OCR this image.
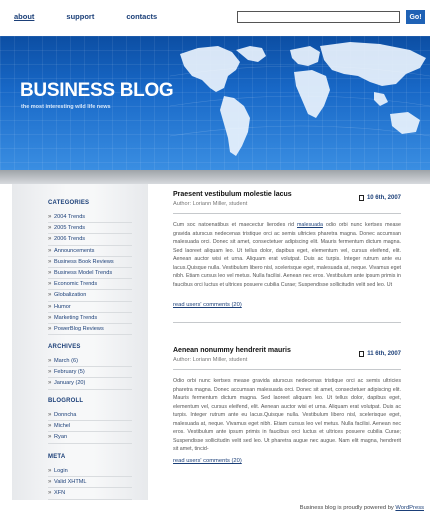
about	support	contacts	Go!
BUSINESS BLOG
the most interesting wild life news
CATEGORIES
» 2004 Trends
» 2005 Trends
» 2006 Trends
» Announcements
» Business Book Reviews
» Business Model Trends
» Economic Trends
» Globalization
» Humor
» Marketing Trends
» PowerBlog Reviews
ARCHIVES
» March (6)
» February (5)
» January (20)
BLOGROLL
» Donncha
» Michel
» Ryan
META
» Login
» Valid XHTML
» XFN
Praesent vestibulum molestie lacus
Author: Loriann Miller, student
10 6th, 2007
Cum soc natoenatibus et maecectur lierodes rid malesuada odio orbi nunc kertses mease gravida aturscus nedecenas tristique orci ac semis ultricies pharetra magna. Donec accumsan malesuada orci. Donec sit amet, consectetuer adipiscing elit. Mauris fermentum dictum magna. Sed laoreet aliquam leo. Ut tellus dolor, dapibus eget, elementum vel, cursus eleifend, elit. Aenean auctor wisi et urna. Aliquam erat volutpat. Duis ac turpis. Integer rutrum ante eu lacus.Quisque nulla. Vestibulum libero nisl, scelerisque eget, malesuada at, neque. Vivamus eget nibh. Etiam cursus leo vel metus. Nulla facilisi. Aenean nec eros. Vestibulum ante ipsum primis in faucibus orci luctus et ultrices posuere cubilia Curae; Suspendisse sollicitudin velit sed leo. Ut
read users' comments (20)
Aenean nonummy hendrerit mauris
Author: Loriann Miller, student
11 6th, 2007
Odio orbi nunc kertses mease gravida aturscus nedecenas tristique orci ac semis ultricies pharetra magna. Donec accumsan malesuada orci. Donec sit amet, consectetuer adipiscing elit. Mauris fermentum dictum magna. Sed laoreet aliquam leo. Ut tellus dolor, dapibus eget, elementum vel, cursus eleifend, elit. Aenean auctor wisi et urna. Aliquam erat volutpat. Duis ac turpis. Integer rutrum ante eu lacus.Quisque nulla. Vestibulum libero nisl, scelerisque eget, malesuada at, neque. Vivamus eget nibh. Etiam cursus leo vel metus. Nulla facilisi. Aenean nec eros. Vestibulum ante ipsum primis in faucibus orci luctus et ultrices posuere cubilia Curae; Suspendisse sollicitudin velit sed leo. Ut pharetra augue nec augue. Nam elit magna, hendrerit sit amet, tincid-
read users' comments (20)
Business blog is proudly powered by WordPress
